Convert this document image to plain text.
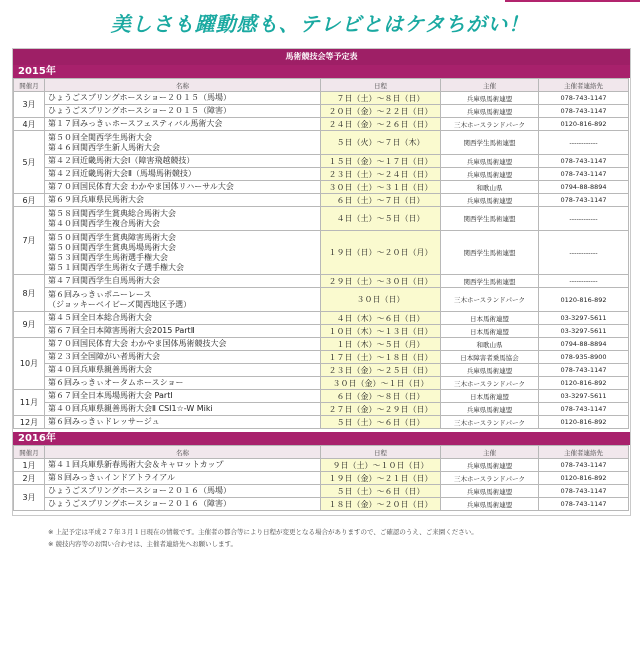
美しさも躍動感も、テレビとはケタちがい！
馬術競技会等予定表
2015年
開催月	名称	日程	主催	主催者連絡先
3月	ひょうごスプリングホースショー２０１５（馬場）	７日（土）～８日（日）	兵庫県馬術連盟	078-743-1147

	ひょうごスプリングホースショー２０１５（障害）	２０日（金）～２２日（日）	兵庫県馬術連盟	078-743-1147
4月	第１７回みっきぃホースフェスティバル馬術大会	２４日（金）～２６日（日）	三木ホースランドパーク	0120-816-892
5月	第５０回全関西学生馬術大会
第４６回関西学生新人馬術大会	５日（火）～７日（木）	関西学生馬術連盟	------------

	第４２回近畿馬術大会Ⅰ（障害飛越競技）	１５日（金）～１７日（日）	兵庫県馬術連盟	078-743-1147

	第４２回近畿馬術大会Ⅱ（馬場馬術競技）	２３日（土）～２４日（日）	兵庫県馬術連盟	078-743-1147

	第７０回国民体育大会 わかやま国体リハーサル大会	３０日（土）～３１日（日）	和歌山県	0794-88-8894
6月	第６９回兵庫県民馬術大会	６日（土）～７日（日）	兵庫県馬術連盟	078-743-1147
7月	第５８回関西学生賞典総合馬術大会
第４０回関西学生複合馬術大会	４日（土）～５日（日）	関西学生馬術連盟	------------

	第５０回関西学生賞典障害馬術大会
第５０回関西学生賞典馬場馬術大会
第５３回関西学生馬術選手権大会
第５１回関西学生馬術女子選手権大会	１９日（日）～２０日（月）	関西学生馬術連盟	------------
8月	第４７回関西学生自馬馬術大会	２９日（土）～３０日（日）	関西学生馬術連盟	------------

	第６回みっきぃポニーレース
（ジョッキーベイビーズ関西地区予選）	３０日（日）	三木ホースランドパーク	0120-816-892
9月	第４５回全日本総合馬術大会	４日（木）～６日（日）	日本馬術連盟	03-3297-5611

	第６７回全日本障害馬術大会2015 PartⅡ	１０日（木）～１３日（日）	日本馬術連盟	03-3297-5611
10月	第７０回国民体育大会 わかやま国体馬術競技大会	１日（木）～５日（月）	和歌山県	0794-88-8894

	第２３回全国障がい者馬術大会	１７日（土）～１８日（日）	日本障害者乗馬協会	078-935-8900

	第４０回兵庫県親善馬術大会	２３日（金）～２５日（日）	兵庫県馬術連盟	078-743-1147

	第６回みっきぃオータムホースショー	３０日（金）～１日（日）	三木ホースランドパーク	0120-816-892
11月	第６７回全日本馬場馬術大会 PartⅠ	６日（金）～８日（日）	日本馬術連盟	03-3297-5611

	第４０回兵庫県親善馬術大会Ⅱ CSI1☆-W Miki	２７日（金）～２９日（日）	兵庫県馬術連盟	078-743-1147
12月	第６回みっきぃドレッサージュ	５日（土）～６日（日）	三木ホースランドパーク	0120-816-892
2016年
開催月	名称	日程	主催	主催者連絡先
1月	第４１回兵庫県新春馬術大会＆キャロットカップ	９日（土）～１０日（日）	兵庫県馬術連盟	078-743-1147
2月	第８回みっきぃインドアトライアル	１９日（金）～２１日（日）	三木ホースランドパーク	0120-816-892
3月	ひょうごスプリングホースショー２０１６（馬場）	５日（土）～６日（日）	兵庫県馬術連盟	078-743-1147

	ひょうごスプリングホースショー２０１６（障害）	１８日（金）～２０日（日）	兵庫県馬術連盟	078-743-1147
※ 上記予定は平成２７年３月１日現在の情報です。主催者の都合等により日程が変更となる場合がありますので、ご確認のうえ、ご来園ください。
※ 競技内容等のお問い合わせは、主催者連絡先へお願いします。
